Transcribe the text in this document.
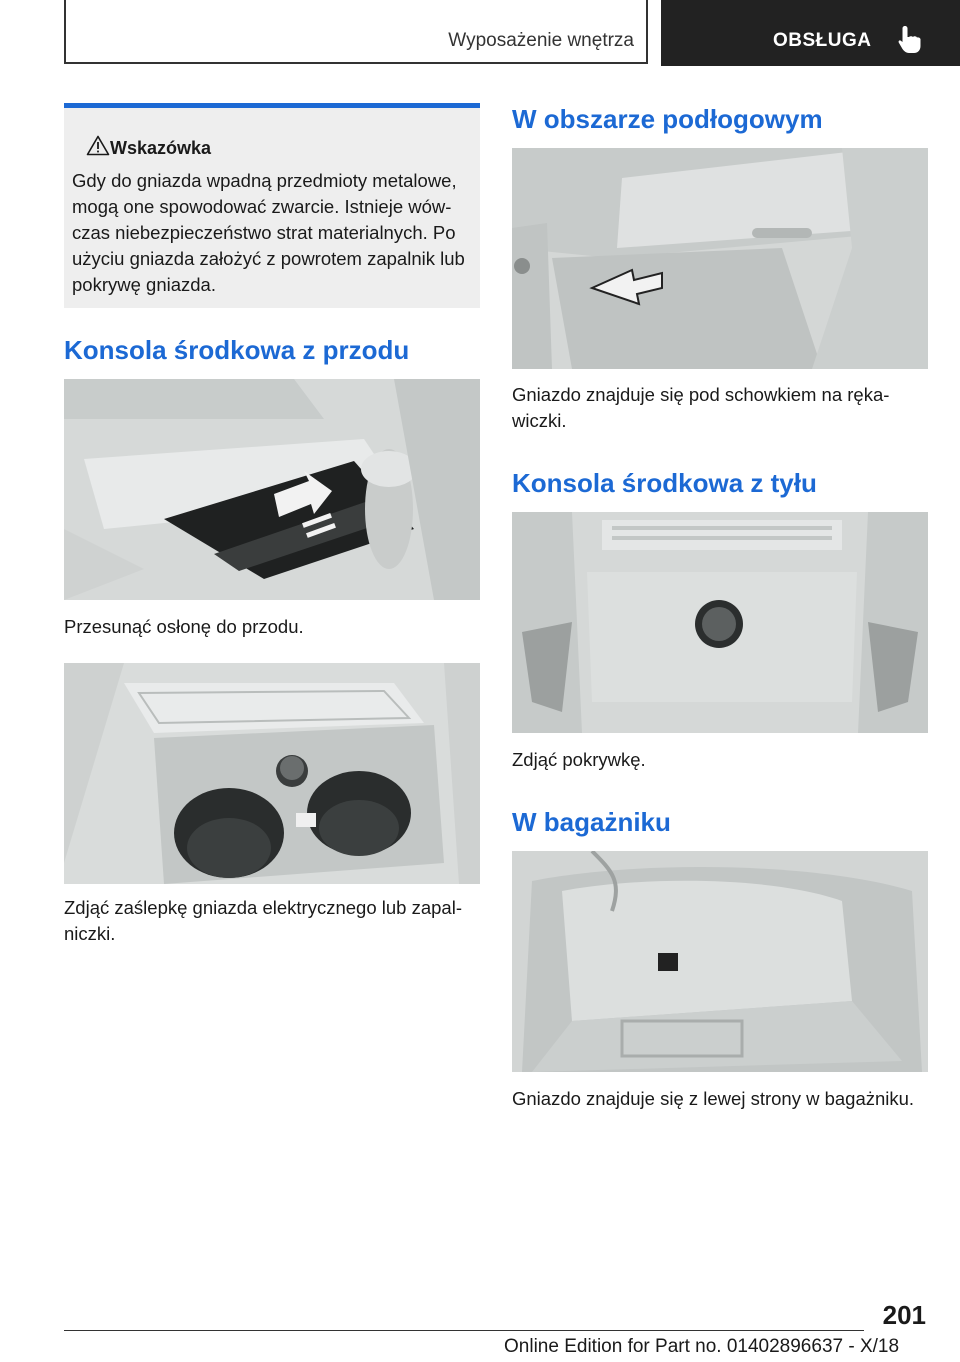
Wyposażenie wnętrza	OBSŁUGA
Wskazówka

Gdy do gniazda wpadną przedmioty metalowe, mogą one spowodować zwarcie. Istnieje wówczas niebezpieczeństwo strat materialnych. Po użyciu gniazda założyć z powrotem zapalnik lub pokrywę gniazda.

Konsola środkowa z przodu

Przesunąć osłonę do przodu.

Zdjąć zaślepkę gniazda elektrycznego lub zapalniczki.

W obszarze podłogowym

Gniazdo znajduje się pod schowkiem na rękawiczki.

Konsola środkowa z tyłu

Zdjąć pokrywkę.

W bagażniku

Gniazdo znajduje się z lewej strony w bagażniku.

201
Online Edition for Part no. 01402896637 - X/18
